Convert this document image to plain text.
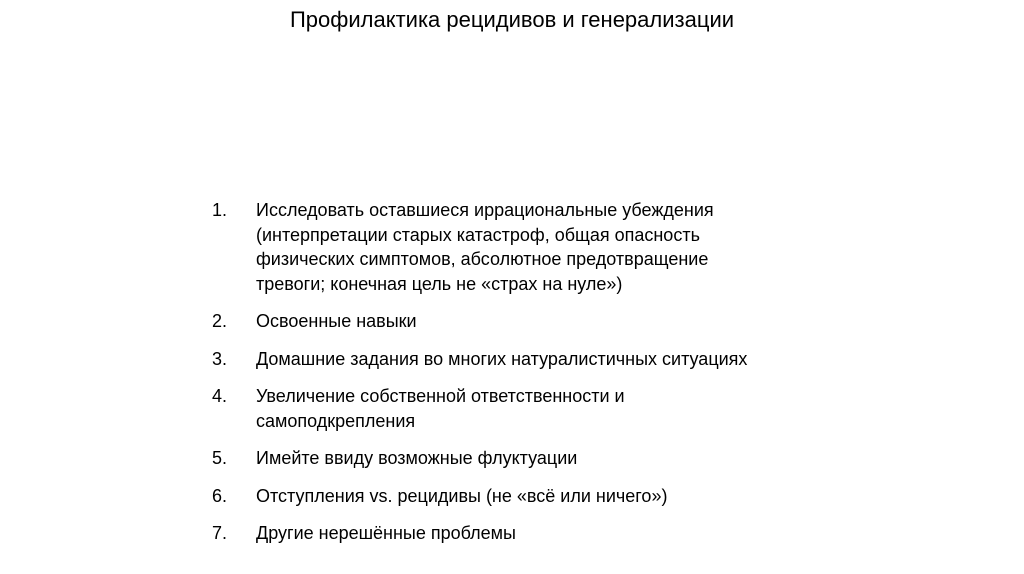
Профилактика рецидивов и генерализации
1.	Исследовать оставшиеся иррациональные убеждения
(интерпретации старых катастроф, общая опасность
физических симптомов, абсолютное предотвращение
тревоги; конечная цель не «страх на нуле»)
2.	Освоенные навыки
3.	Домашние задания во многих натуралистичных ситуациях
4.	Увеличение собственной ответственности и
самоподкрепления
5.	Имейте ввиду возможные флуктуации
6.	Отступления vs. рецидивы (не «всё или ничего»)
7.	Другие нерешённые проблемы
